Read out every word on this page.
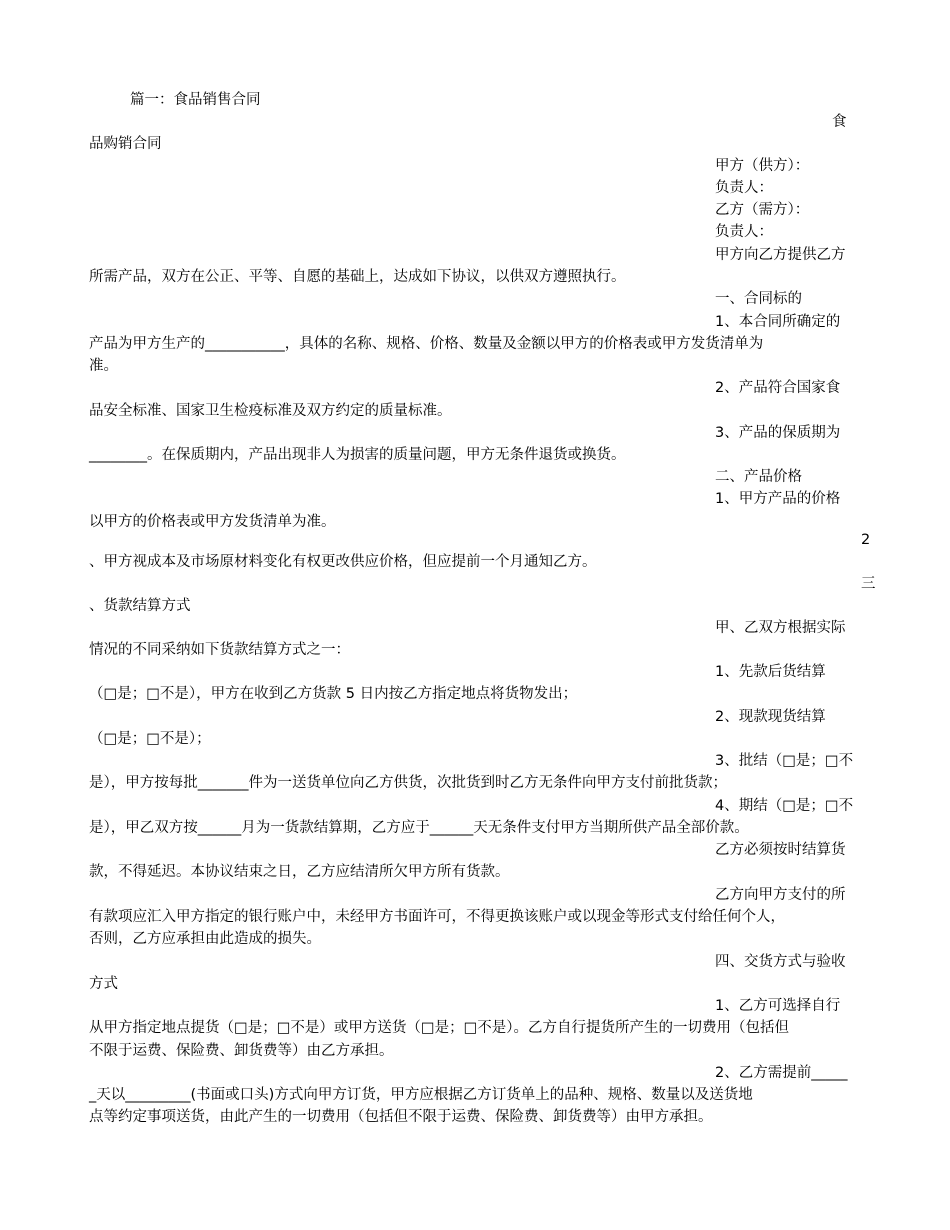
篇一：食品销售合同
食
品购销合同
甲方（供方）：
负责人：
乙方（需方）：
负责人：
甲方向乙方提供乙方
所需产品，双方在公正、平等、自愿的基础上，达成如下协议，以供双方遵照执行。
一、合同标的
1、本合同所确定的
产品为甲方生产的___________，具体的名称、规格、价格、数量及金额以甲方的价格表或甲方发货清单为
准。
2、产品符合国家食
品安全标准、国家卫生检疫标准及双方约定的质量标准。
3、产品的保质期为
________。在保质期内，产品出现非人为损害的质量问题，甲方无条件退货或换货。
二、产品价格
1、甲方产品的价格
以甲方的价格表或甲方发货清单为准。
2
、甲方视成本及市场原材料变化有权更改供应价格，但应提前一个月通知乙方。
三
、货款结算方式
甲、乙双方根据实际
情况的不同采纳如下货款结算方式之一：
1、先款后货结算
（□是；□不是），甲方在收到乙方货款 5 日内按乙方指定地点将货物发出；
2、现款现货结算
（□是；□不是）；
3、批结（□是；□不
是），甲方按每批_______件为一送货单位向乙方供货，次批货到时乙方无条件向甲方支付前批货款；
4、期结（□是；□不
是），甲乙双方按______月为一货款结算期，乙方应于______天无条件支付甲方当期所供产品全部价款。
乙方必须按时结算货
款，不得延迟。本协议结束之日，乙方应结清所欠甲方所有货款。
乙方向甲方支付的所
有款项应汇入甲方指定的银行账户中，未经甲方书面许可，不得更换该账户或以现金等形式支付给任何个人，
否则，乙方应承担由此造成的损失。
四、交货方式与验收
方式
1、乙方可选择自行
从甲方指定地点提货（□是；□不是）或甲方送货（□是；□不是）。乙方自行提货所产生的一切费用（包括但
不限于运费、保险费、卸货费等）由乙方承担。
2、乙方需提前_____
_天以_________(书面或口头)方式向甲方订货，甲方应根据乙方订货单上的品种、规格、数量以及送货地
点等约定事项送货，由此产生的一切费用（包括但不限于运费、保险费、卸货费等）由甲方承担。
